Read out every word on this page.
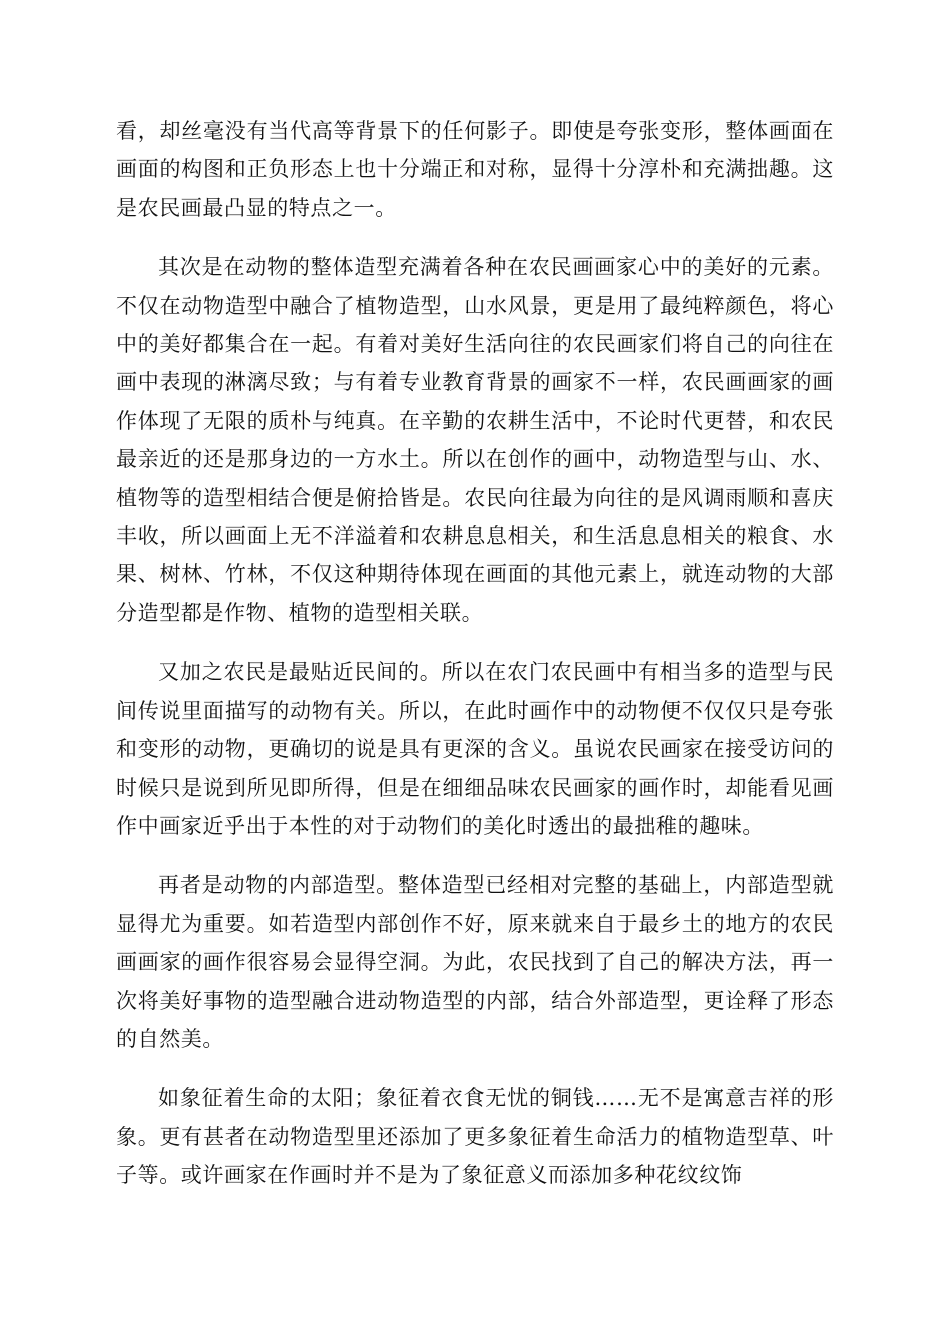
看，却丝毫没有当代高等背景下的任何影子。即使是夸张变形，整体画面在画面的构图和正负形态上也十分端正和对称，显得十分淳朴和充满拙趣。这是农民画最凸显的特点之一。

其次是在动物的整体造型充满着各种在农民画画家心中的美好的元素。不仅在动物造型中融合了植物造型，山水风景，更是用了最纯粹颜色，将心中的美好都集合在一起。有着对美好生活向往的农民画家们将自己的向往在画中表现的淋漓尽致；与有着专业教育背景的画家不一样，农民画画家的画作体现了无限的质朴与纯真。在辛勤的农耕生活中，不论时代更替，和农民最亲近的还是那身边的一方水土。所以在创作的画中，动物造型与山、水、植物等的造型相结合便是俯拾皆是。农民向往最为向往的是风调雨顺和喜庆丰收，所以画面上无不洋溢着和农耕息息相关，和生活息息相关的粮食、水果、树林、竹林，不仅这种期待体现在画面的其他元素上，就连动物的大部分造型都是作物、植物的造型相关联。

又加之农民是最贴近民间的。所以在农门农民画中有相当多的造型与民间传说里面描写的动物有关。所以，在此时画作中的动物便不仅仅只是夸张和变形的动物，更确切的说是具有更深的含义。虽说农民画家在接受访问的时候只是说到所见即所得，但是在细细品味农民画家的画作时，却能看见画作中画家近乎出于本性的对于动物们的美化时透出的最拙稚的趣味。

再者是动物的内部造型。整体造型已经相对完整的基础上，内部造型就显得尤为重要。如若造型内部创作不好，原来就来自于最乡土的地方的农民画画家的画作很容易会显得空洞。为此，农民找到了自己的解决方法，再一次将美好事物的造型融合进动物造型的内部，结合外部造型，更诠释了形态的自然美。

如象征着生命的太阳；象征着衣食无忧的铜钱……无不是寓意吉祥的形象。更有甚者在动物造型里还添加了更多象征着生命活力的植物造型草、叶子等。或许画家在作画时并不是为了象征意义而添加多种花纹纹饰
